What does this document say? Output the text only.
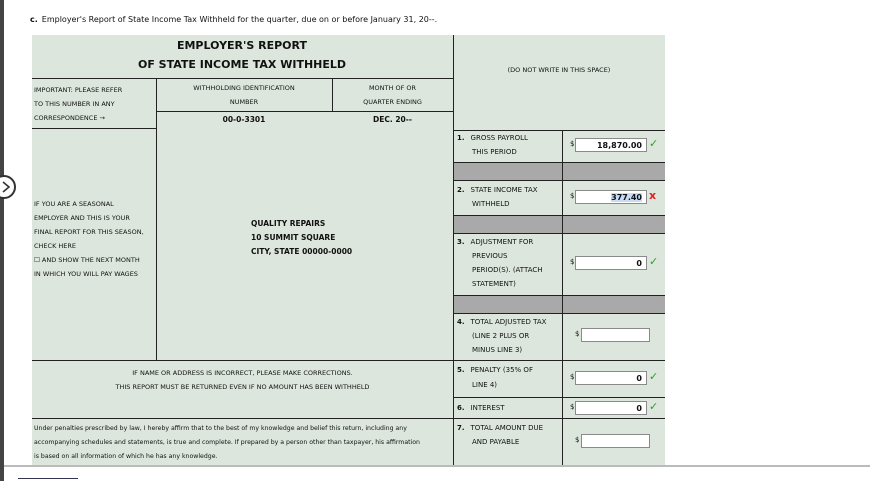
c. Employer's Report of State Income Tax Withheld for the quarter, due on or before January 31, 20--.
EMPLOYER'S REPORT
OF STATE INCOME TAX WITHHELD	(DO NOT WRITE IN THIS SPACE)
IMPORTANT: PLEASE REFER
TO THIS NUMBER IN ANY
CORRESPONDENCE →
WITHHOLDING IDENTIFICATION
NUMBER
00-0-3301
MONTH OF OR
QUARTER ENDING
DEC. 20--
IF YOU ARE A SEASONAL
EMPLOYER AND THIS IS YOUR
FINAL REPORT FOR THIS SEASON,
CHECK HERE
☐ AND SHOW THE NEXT MONTH
IN WHICH YOU WILL PAY WAGES
QUALITY REPAIRS
10 SUMMIT SQUARE
CITY, STATE 00000-0000
IF NAME OR ADDRESS IS INCORRECT, PLEASE MAKE CORRECTIONS.
THIS REPORT MUST BE RETURNED EVEN IF NO AMOUNT HAS BEEN WITHHELD
Under penalties prescribed by law, I hereby affirm that to the best of my knowledge and belief this return, including any
accompanying schedules and statements, is true and complete. If prepared by a person other than taxpayer, his affirmation
is based on all information of which he has any knowledge.
1. GROSS PAYROLL
THIS PERIOD
$	18,870.00 ✓
2. STATE INCOME TAX
WITHHELD
$	377.40 x
3. ADJUSTMENT FOR
PREVIOUS
PERIOD(S). (ATTACH
STATEMENT)
$	0 ✓
4. TOTAL ADJUSTED TAX
(LINE 2 PLUS OR
MINUS LINE 3)
$
5. PENALTY (35% OF
LINE 4)
$	0 ✓
6. INTEREST	$	0 ✓
7. TOTAL AMOUNT DUE
AND PAYABLE	$
